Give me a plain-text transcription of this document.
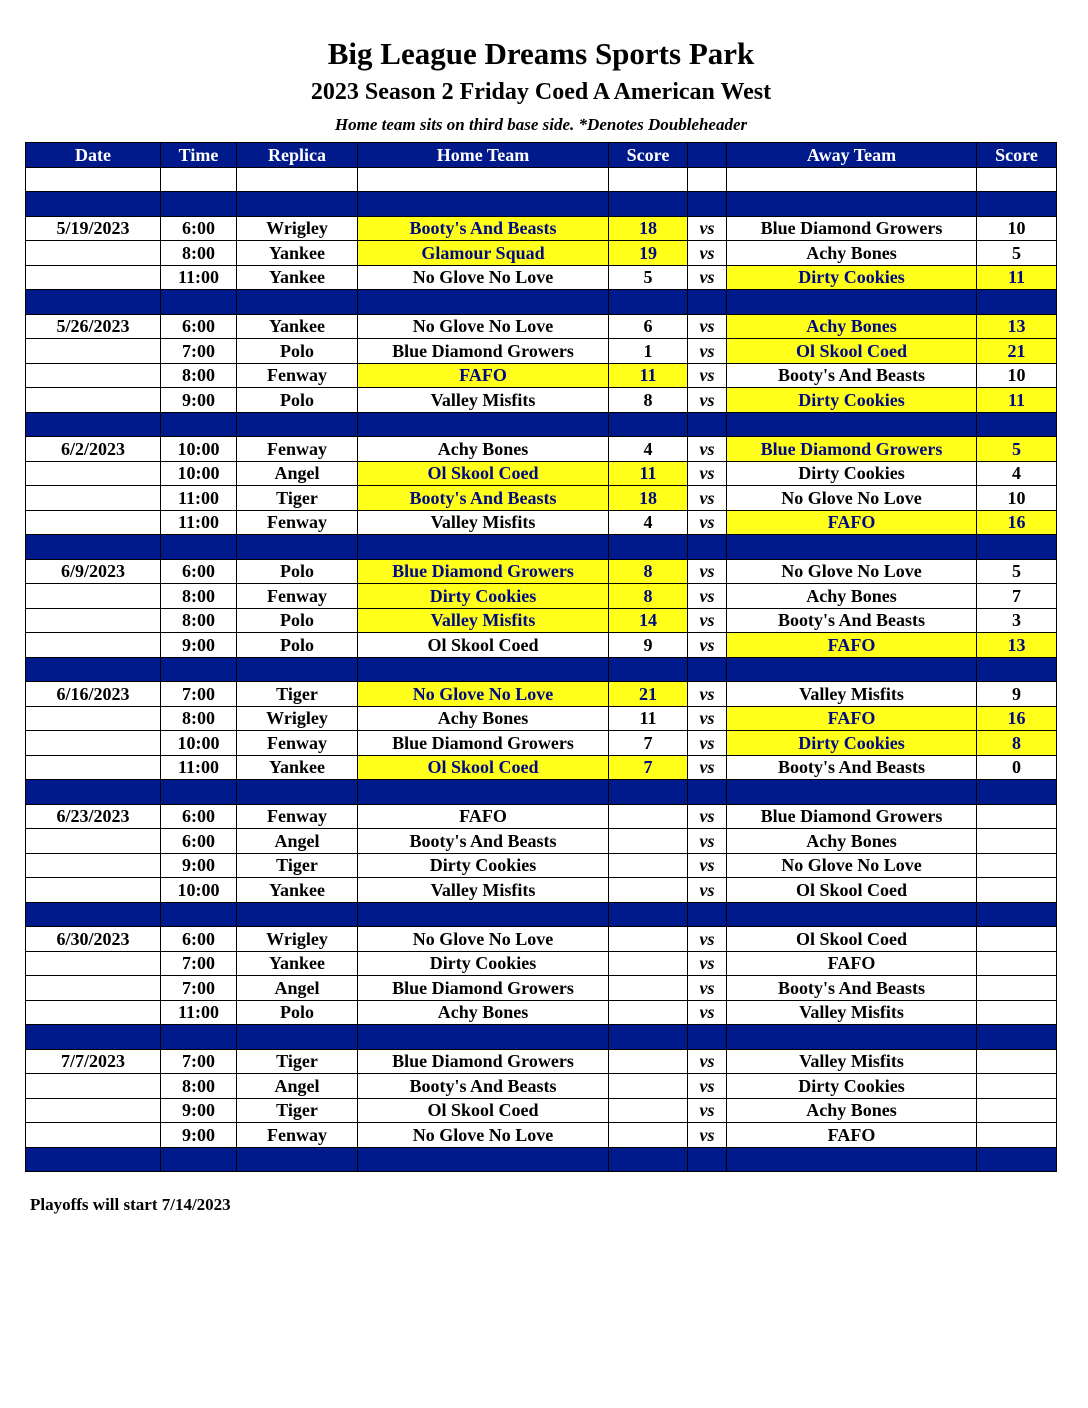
Big League Dreams Sports Park
2023 Season 2 Friday Coed A American West
Home team sits on third base side. *Denotes Doubleheader
Date	Time	Replica	Home Team	Score		Away Team	Score

5/19/2023	6:00	Wrigley	Booty's And Beasts	18	vs	Blue Diamond Growers	10
	8:00	Yankee	Glamour Squad	19	vs	Achy Bones	5
	11:00	Yankee	No Glove No Love	5	vs	Dirty Cookies	11

5/26/2023	6:00	Yankee	No Glove No Love	6	vs	Achy Bones	13
	7:00	Polo	Blue Diamond Growers	1	vs	Ol Skool Coed	21
	8:00	Fenway	FAFO	11	vs	Booty's And Beasts	10
	9:00	Polo	Valley Misfits	8	vs	Dirty Cookies	11

6/2/2023	10:00	Fenway	Achy Bones	4	vs	Blue Diamond Growers	5
	10:00	Angel	Ol Skool Coed	11	vs	Dirty Cookies	4
	11:00	Tiger	Booty's And Beasts	18	vs	No Glove No Love	10
	11:00	Fenway	Valley Misfits	4	vs	FAFO	16

6/9/2023	6:00	Polo	Blue Diamond Growers	8	vs	No Glove No Love	5
	8:00	Fenway	Dirty Cookies	8	vs	Achy Bones	7
	8:00	Polo	Valley Misfits	14	vs	Booty's And Beasts	3
	9:00	Polo	Ol Skool Coed	9	vs	FAFO	13

6/16/2023	7:00	Tiger	No Glove No Love	21	vs	Valley Misfits	9
	8:00	Wrigley	Achy Bones	11	vs	FAFO	16
	10:00	Fenway	Blue Diamond Growers	7	vs	Dirty Cookies	8
	11:00	Yankee	Ol Skool Coed	7	vs	Booty's And Beasts	0

6/23/2023	6:00	Fenway	FAFO		vs	Blue Diamond Growers	
	6:00	Angel	Booty's And Beasts		vs	Achy Bones	
	9:00	Tiger	Dirty Cookies		vs	No Glove No Love	
	10:00	Yankee	Valley Misfits		vs	Ol Skool Coed	

6/30/2023	6:00	Wrigley	No Glove No Love		vs	Ol Skool Coed	
	7:00	Yankee	Dirty Cookies		vs	FAFO	
	7:00	Angel	Blue Diamond Growers		vs	Booty's And Beasts	
	11:00	Polo	Achy Bones		vs	Valley Misfits	

7/7/2023	7:00	Tiger	Blue Diamond Growers		vs	Valley Misfits	
	8:00	Angel	Booty's And Beasts		vs	Dirty Cookies	
	9:00	Tiger	Ol Skool Coed		vs	Achy Bones	
	9:00	Fenway	No Glove No Love		vs	FAFO	

Playoffs will start 7/14/2023
